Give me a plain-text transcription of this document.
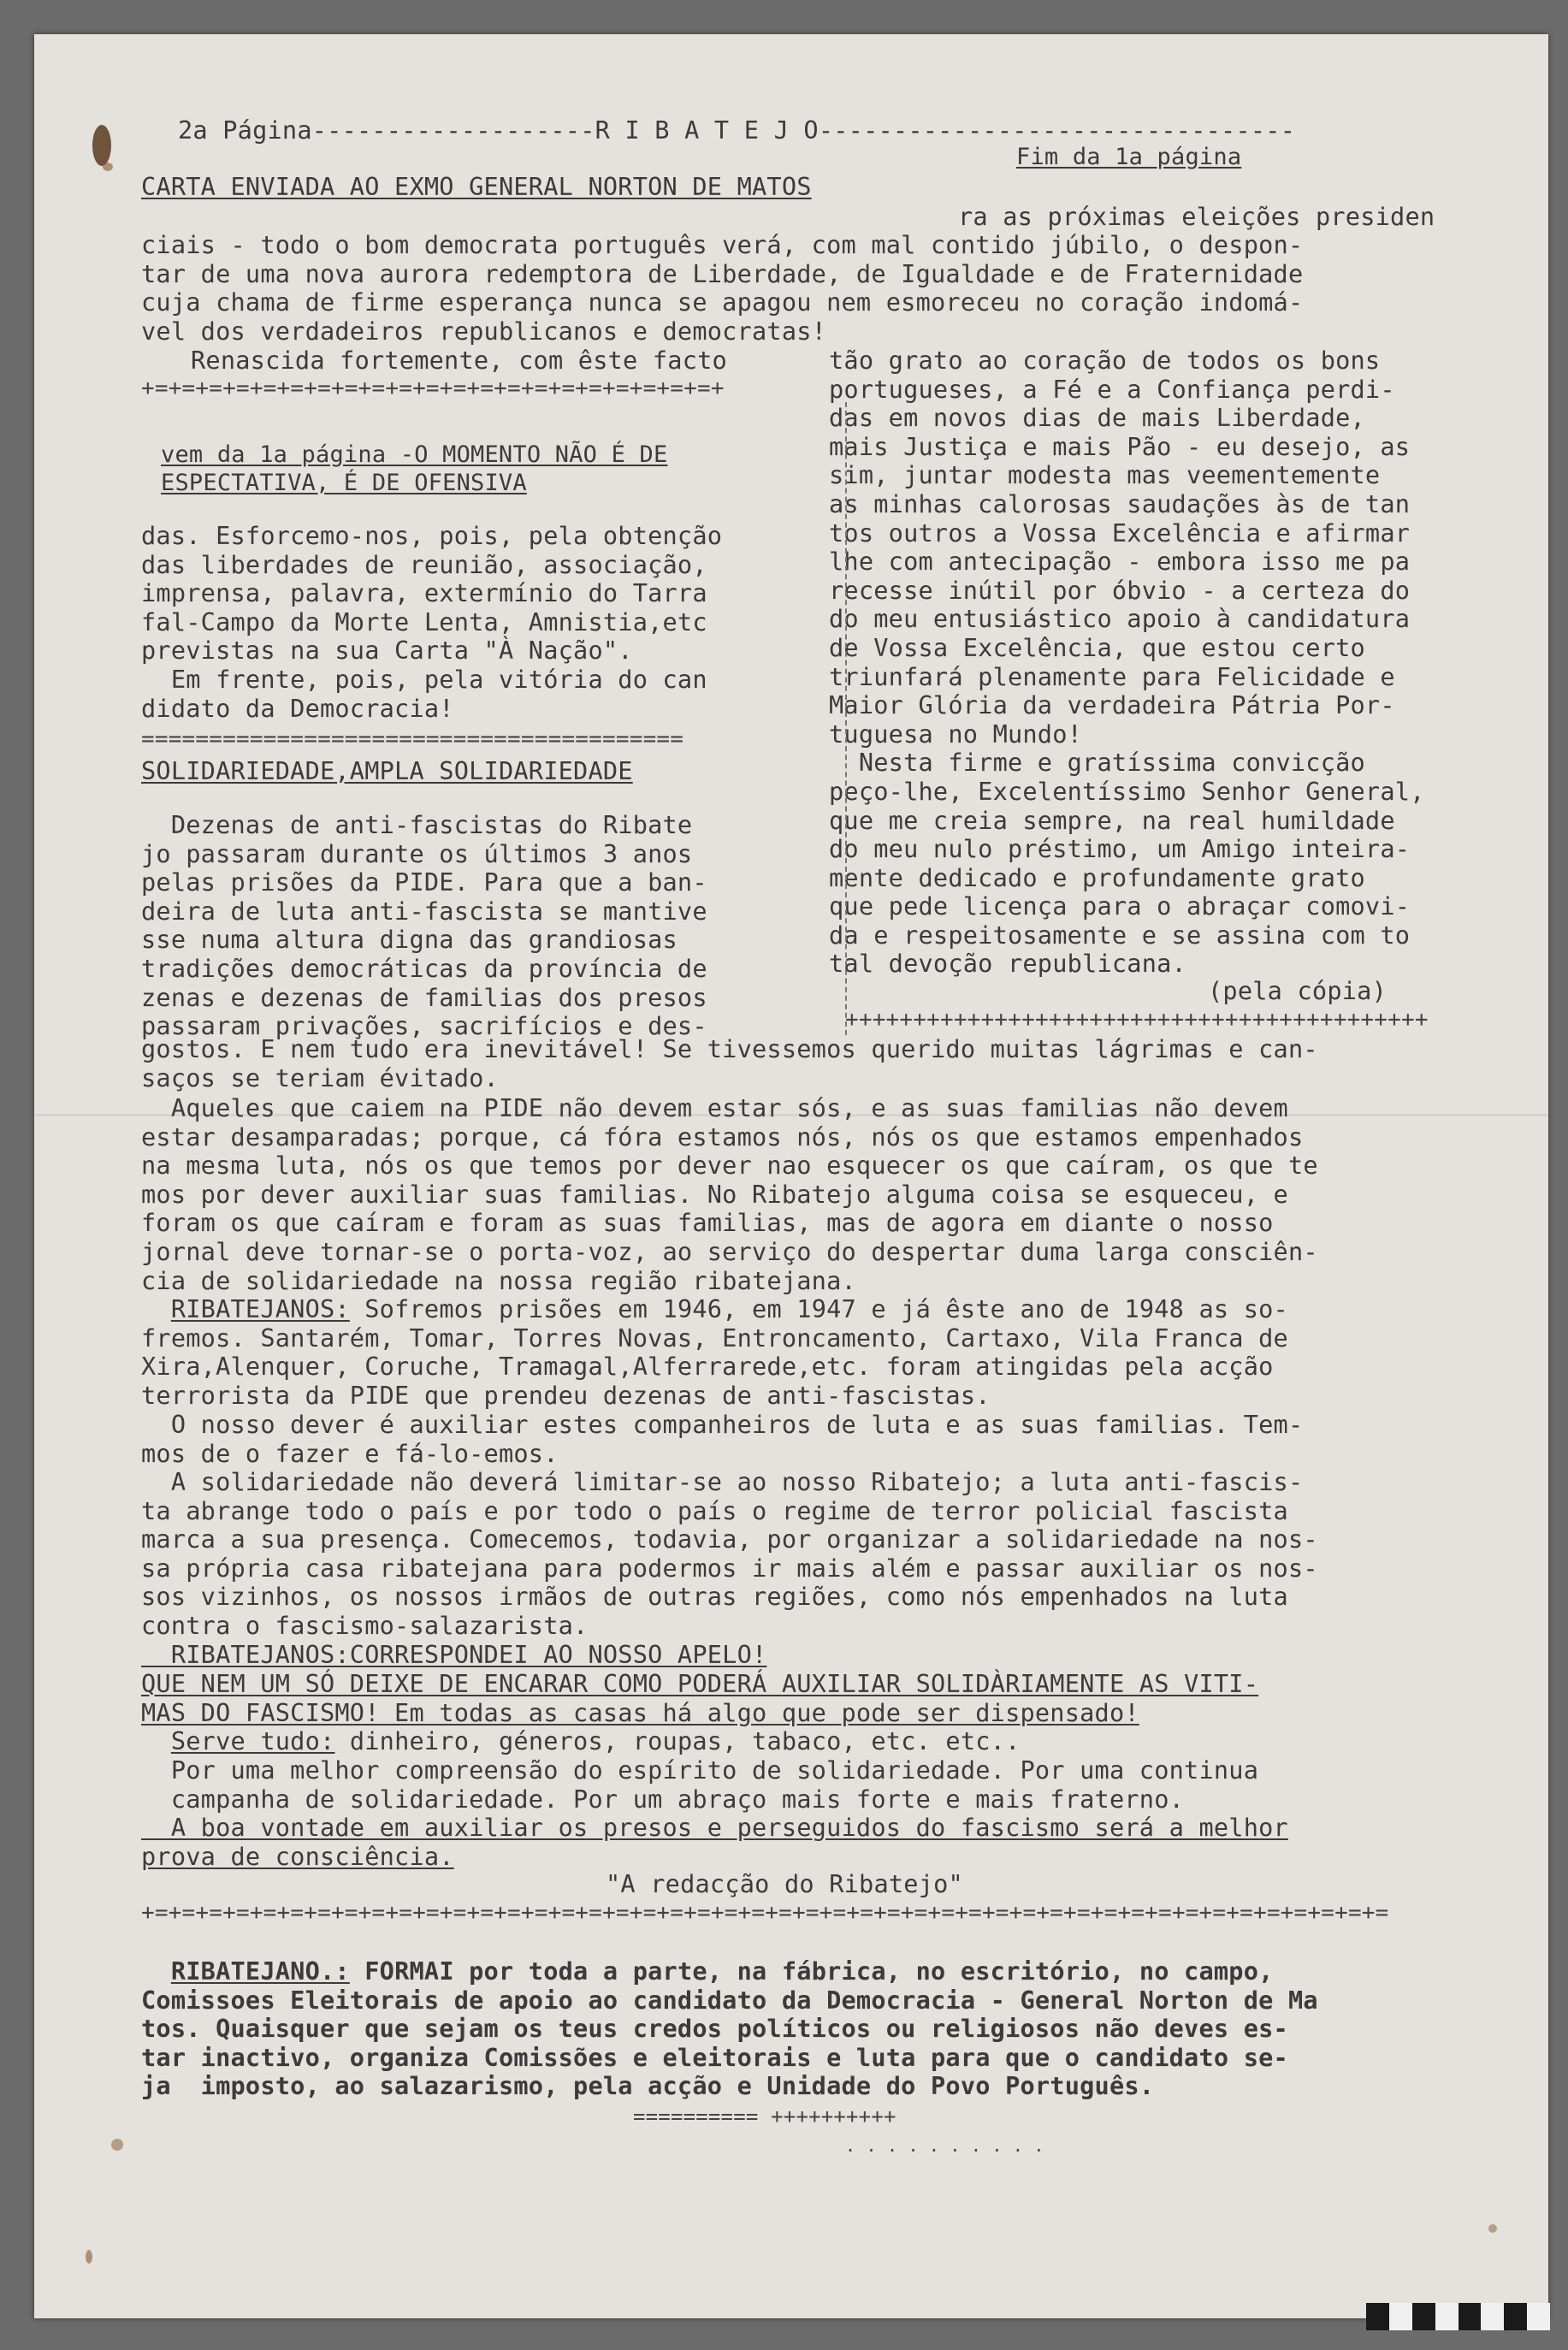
2a Página-------------------R I B A T E J O--------------------------------
Fim da 1a página
CARTA ENVIADA AO EXMO GENERAL NORTON DE MATOS
ra as próximas eleições presiden
ciais - todo o bom democrata português verá, com mal contido júbilo, o despon-
tar de uma nova aurora redemptora de Liberdade, de Igualdade e de Fraternidade
cuja chama de firme esperança nunca se apagou nem esmoreceu no coração indomá-
vel dos verdadeiros republicanos e democratas!
Renascida fortemente, com êste facto
+=+=+=+=+=+=+=+=+=+=+=+=+=+=+=+=+=+=+=+=+=+
tão grato ao coração de todos os bons
portugueses, a Fé e a Confiança perdi-
das em novos dias de mais Liberdade,
mais Justiça e mais Pão - eu desejo, as
sim, juntar modesta mas veementemente
as minhas calorosas saudações às de tan
tos outros a Vossa Excelência e afirmar
lhe com antecipação - embora isso me pa
recesse inútil por óbvio - a certeza do
do meu entusiástico apoio à candidatura
de Vossa Excelência, que estou certo
triunfará plenamente para Felicidade e
Maior Glória da verdadeira Pátria Por-
tuguesa no Mundo!
Nesta firme e gratíssima convicção
peço-lhe, Excelentíssimo Senhor General,
que me creia sempre, na real humildade
do meu nulo préstimo, um Amigo inteira-
mente dedicado e profundamente grato
que pede licença para o abraçar comovi-
da e respeitosamente e se assina com to
tal devoção republicana.
(pela cópia)
+++++++++++++++++++++++++++++++++++++++++++
vem da 1a página -O MOMENTO NÃO É DE
ESPECTATIVA, É DE OFENSIVA
das. Esforcemo-nos, pois, pela obtenção
das liberdades de reunião, associação,
imprensa, palavra, extermínio do Tarra
fal-Campo da Morte Lenta, Amnistia,etc
previstas na sua Carta "À Nação".
Em frente, pois, pela vitória do can
didato da Democracia!
========================================
SOLIDARIEDADE,AMPLA SOLIDARIEDADE
Dezenas de anti-fascistas do Ribate
jo passaram durante os últimos 3 anos
pelas prisões da PIDE. Para que a ban-
deira de luta anti-fascista se mantive
sse numa altura digna das grandiosas
tradições democráticas da província de
zenas e dezenas de familias dos presos
passaram privações, sacrifícios e des-
gostos. E nem tudo era inevitável! Se tivessemos querido muitas lágrimas e can-
saços se teriam évitado.
Aqueles que caiem na PIDE não devem estar sós, e as suas familias não devem
estar desamparadas; porque, cá fóra estamos nós, nós os que estamos empenhados
na mesma luta, nós os que temos por dever nao esquecer os que caíram, os que te
mos por dever auxiliar suas familias. No Ribatejo alguma coisa se esqueceu, e
foram os que caíram e foram as suas familias, mas de agora em diante o nosso
jornal deve tornar-se o porta-voz, ao serviço do despertar duma larga consciên-
cia de solidariedade na nossa região ribatejana.
RIBATEJANOS: Sofremos prisões em 1946, em 1947 e já êste ano de 1948 as so-
fremos. Santarém, Tomar, Torres Novas, Entroncamento, Cartaxo, Vila Franca de
Xira,Alenquer, Coruche, Tramagal,Alferrarede,etc. foram atingidas pela acção
terrorista da PIDE que prendeu dezenas de anti-fascistas.
O nosso dever é auxiliar estes companheiros de luta e as suas familias. Tem-
mos de o fazer e fá-lo-emos.
A solidariedade não deverá limitar-se ao nosso Ribatejo; a luta anti-fascis-
ta abrange todo o país e por todo o país o regime de terror policial fascista
marca a sua presença. Comecemos, todavia, por organizar a solidariedade na nos-
sa própria casa ribatejana para podermos ir mais além e passar auxiliar os nos-
sos vizinhos, os nossos irmãos de outras regiões, como nós empenhados na luta
contra o fascismo-salazarista.
RIBATEJANOS:CORRESPONDEI AO NOSSO APELO!
QUE NEM UM SÓ DEIXE DE ENCARAR COMO PODERÁ AUXILIAR SOLIDÀRIAMENTE AS VITI-
MAS DO FASCISMO! Em todas as casas há algo que pode ser dispensado!
Serve tudo: dinheiro, géneros, roupas, tabaco, etc. etc..
Por uma melhor compreensão do espírito de solidariedade. Por uma continua
campanha de solidariedade. Por um abraço mais forte e mais fraterno.
A boa vontade em auxiliar os presos e perseguidos do fascismo será a melhor
prova de consciência.
"A redacção do Ribatejo"
+=+=+=+=+=+=+=+=+=+=+=+=+=+=+=+=+=+=+=+=+=+=+=+=+=+=+=+=+=+=+=+=+=+=+=+=+=+=+=+=+=+=+=+=+=+=
RIBATEJANO.: FORMAI por toda a parte, na fábrica, no escritório, no campo,
Comissoes Eleitorais de apoio ao candidato da Democracia - General Norton de Ma
tos. Quaisquer que sejam os teus credos políticos ou religiosos não deves es-
tar inactivo, organiza Comissões e eleitorais e luta para que o candidato se-
ja  imposto, ao salazarismo, pela acção e Unidade do Povo Português.
========== ++++++++++
. . . . . . . . . .
